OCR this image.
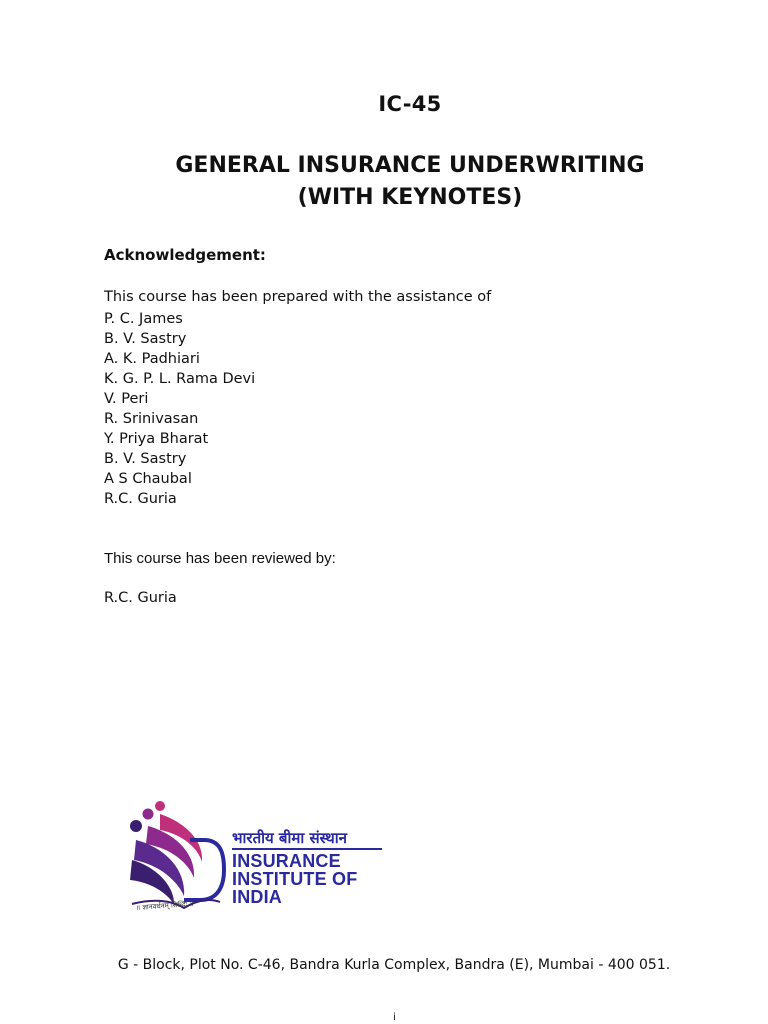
IC-45
GENERAL INSURANCE UNDERWRITING
(WITH KEYNOTES)
Acknowledgement:
This course has been prepared with the assistance of
P. C. James
B. V. Sastry
A. K. Padhiari
K. G. P. L. Rama Devi
V. Peri
R. Srinivasan
Y. Priya Bharat
B. V. Sastry
A S Chaubal
R.C. Guria
This course has been reviewed by:
R.C. Guria
भारतीय बीमा संस्थान
INSURANCE
INSTITUTE OF
INDIA
॥ ज्ञानवर्धनम् सिध्दिः ॥
G - Block, Plot No. C-46, Bandra Kurla Complex, Bandra (E), Mumbai - 400 051.
i
